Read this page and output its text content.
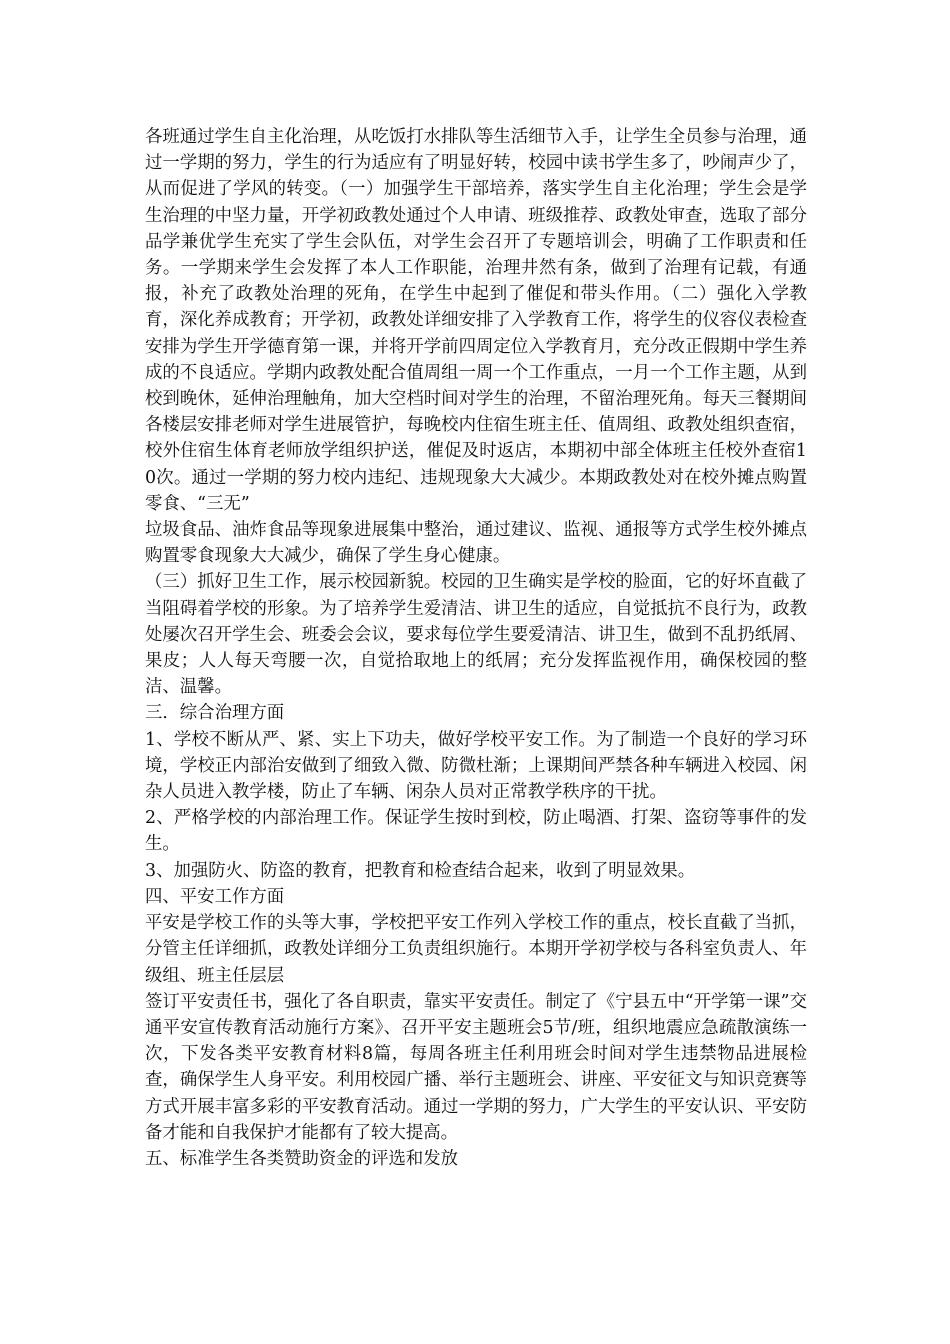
各班通过学生自主化治理，从吃饭打水排队等生活细节入手，让学生全员参与治理，通过一学期的努力，学生的行为适应有了明显好转，校园中读书学生多了，吵闹声少了，从而促进了学风的转变。（一）加强学生干部培养，落实学生自主化治理；学生会是学生治理的中坚力量，开学初政教处通过个人申请、班级推荐、政教处审查，选取了部分品学兼优学生充实了学生会队伍，对学生会召开了专题培训会，明确了工作职责和任务。一学期来学生会发挥了本人工作职能，治理井然有条，做到了治理有记载，有通报，补充了政教处治理的死角，在学生中起到了催促和带头作用。（二）强化入学教育，深化养成教育；开学初，政教处详细安排了入学教育工作，将学生的仪容仪表检查安排为学生开学德育第一课，并将开学前四周定位入学教育月，充分改正假期中学生养成的不良适应。学期内政教处配合值周组一周一个工作重点，一月一个工作主题，从到校到晚休，延伸治理触角，加大空档时间对学生的治理，不留治理死角。每天三餐期间各楼层安排老师对学生进展管护，每晚校内住宿生班主任、值周组、政教处组织查宿，校外住宿生体育老师放学组织护送，催促及时返店，本期初中部全体班主任校外查宿10次。通过一学期的努力校内违纪、违规现象大大减少。本期政教处对在校外摊点购置零食、“三无”

垃圾食品、油炸食品等现象进展集中整治，通过建议、监视、通报等方式学生校外摊点购置零食现象大大减少，确保了学生身心健康。

（三）抓好卫生工作，展示校园新貌。校园的卫生确实是学校的脸面，它的好坏直截了当阻碍着学校的形象。为了培养学生爱清洁、讲卫生的适应，自觉抵抗不良行为，政教处屡次召开学生会、班委会会议，要求每位学生要爱清洁、讲卫生，做到不乱扔纸屑、果皮；人人每天弯腰一次，自觉拾取地上的纸屑；充分发挥监视作用，确保校园的整洁、温馨。

三．综合治理方面

1、学校不断从严、紧、实上下功夫，做好学校平安工作。为了制造一个良好的学习环境，学校正内部治安做到了细致入微、防微杜渐；上课期间严禁各种车辆进入校园、闲杂人员进入教学楼，防止了车辆、闲杂人员对正常教学秩序的干扰。

2、严格学校的内部治理工作。保证学生按时到校，防止喝酒、打架、盗窃等事件的发生。

3、加强防火、防盗的教育，把教育和检查结合起来，收到了明显效果。

四、平安工作方面

平安是学校工作的头等大事，学校把平安工作列入学校工作的重点，校长直截了当抓，分管主任详细抓，政教处详细分工负责组织施行。本期开学初学校与各科室负责人、年级组、班主任层层

签订平安责任书，强化了各自职责，靠实平安责任。制定了《宁县五中“开学第一课”交通平安宣传教育活动施行方案》、召开平安主题班会5节/班，组织地震应急疏散演练一次，下发各类平安教育材料8篇，每周各班主任利用班会时间对学生违禁物品进展检查，确保学生人身平安。利用校园广播、举行主题班会、讲座、平安征文与知识竞赛等方式开展丰富多彩的平安教育活动。通过一学期的努力，广大学生的平安认识、平安防备才能和自我保护才能都有了较大提高。

五、标准学生各类赞助资金的评选和发放
